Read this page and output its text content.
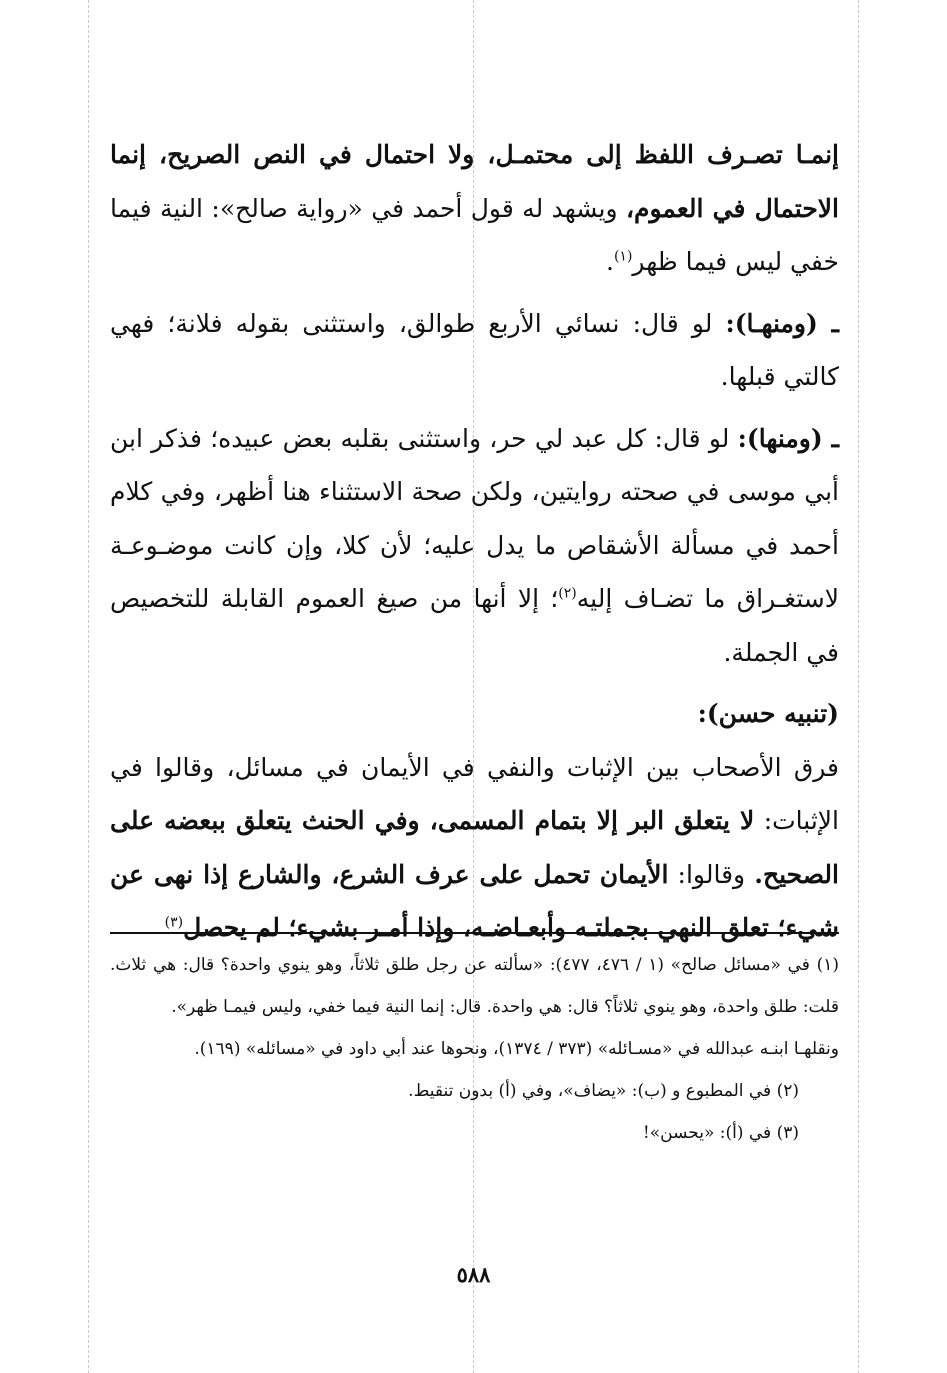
إنمـا تصـرف اللفظ إلى محتمـل، ولا احتمال في النص الصريح، إنما الاحتمال في العموم، ويشهد له قول أحمد في «رواية صالح»: النية فيما خفي ليس فيما ظهر$^{(١)}$.

ـ (ومنهـا): لو قال: نسائي الأربع طوالق، واستثنى بقوله فلانة؛ فهي كالتي قبلها.

ـ (ومنها): لو قال: كل عبد لي حر، واستثنى بقلبه بعض عبيده؛ فذكر ابن أبي موسى في صحته روايتين، ولكن صحة الاستثناء هنا أظهر، وفي كلام أحمد في مسألة الأشقاص ما يدل عليه؛ لأن كلا، وإن كانت موضـوعـة لاستغـراق ما تضـاف إليه$^{(٢)}$؛ إلا أنها من صيغ العموم القابلة للتخصيص في الجملة.

(تنبيه حسن):

فرق الأصحاب بين الإثبات والنفي في الأيمان في مسائل، وقالوا في الإثبات: لا يتعلق البر إلا بتمام المسمى، وفي الحنث يتعلق ببعضه على الصحيح. وقالوا: الأيمان تحمل على عرف الشرع، والشارع إذا نهى عن شيء؛ تعلق النهي بجملتـه وأبعـاضـه، وإذا أمـر بشيء؛ لم يحصل$^{(٣)}$

(١) في «مسائل صالح» (١ / ٤٧٦، ٤٧٧): «سألته عن رجل طلق ثلاثاً، وهو ينوي واحدة؟ قال: هي ثلاث. قلت: طلق واحدة، وهو ينوي ثلاثاً؟ قال: هي واحدة. قال: إنما النية فيما خفي، وليس فيمـا ظهر».

ونقلهـا ابنـه عبدالله في «مسـائله» (٣٧٣ / ١٣٧٤)، ونحوها عند أبي داود في «مسائله» (١٦٩).

(٢) في المطبوع و (ب): «يضاف»، وفي (أ) بدون تنقيط.

(٣) في (أ): «يحسن»!

٥٨٨
